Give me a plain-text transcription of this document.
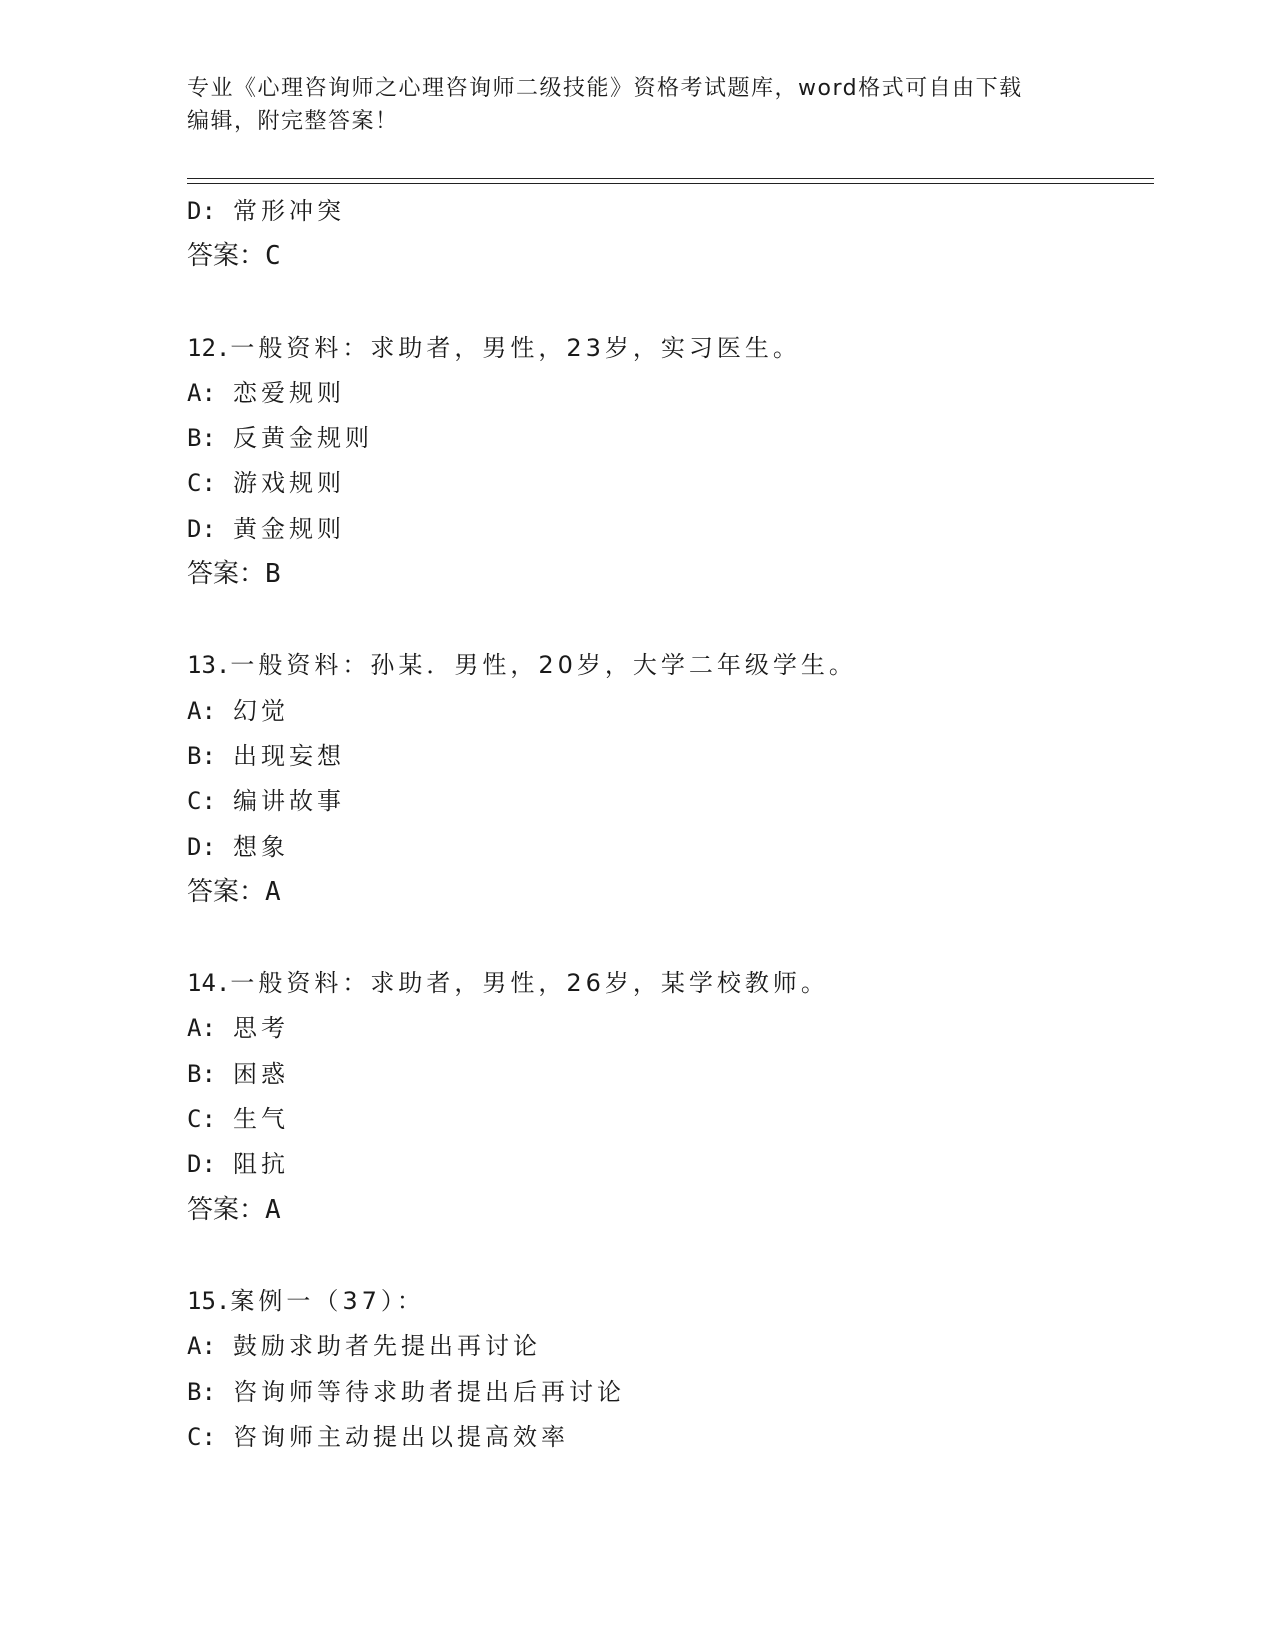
专业《心理咨询师之心理咨询师二级技能》资格考试题库，word格式可自由下载
编辑，附完整答案！
D: 常形冲突
答案：C
12.一般资料：求助者，男性，23岁，实习医生。
A: 恋爱规则
B: 反黄金规则
C: 游戏规则
D: 黄金规则
答案：B
13.一般资料：孙某．男性，20岁，大学二年级学生。
A: 幻觉
B: 出现妄想
C: 编讲故事
D: 想象
答案：A
14.一般资料：求助者，男性，26岁，某学校教师。
A: 思考
B: 困惑
C: 生气
D: 阻抗
答案：A
15.案例一（37）：
A: 鼓励求助者先提出再讨论
B: 咨询师等待求助者提出后再讨论
C: 咨询师主动提出以提高效率
